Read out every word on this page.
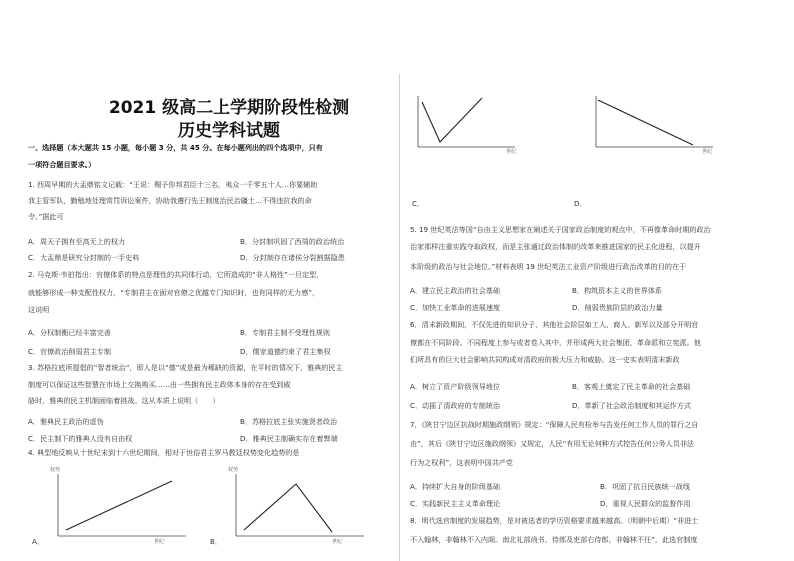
2021 级高二上学期阶段性检测
历史学科试题
一、选择题（本大题共 15 小题，每小题 3 分，共 45 分。在每小题列出的四个选项中，只有
一项符合题目要求。）
1. 西周早期的大盂鼎铭文记载：“王说：赐予你邦君臣十三名，夷众一千零五十人…你要辅助
我主管军队，勤勉地处理赏罚诉讼案件，协助我遵行先王制度治民治疆土…不得违抗我的命
令。”据此可
A．周天子拥有至高无上的权力	B．分封制巩固了西周的政治统治
C．大盂鼎是研究分封制的一手史料	D．分封制存在诸侯分裂割据隐患
2. 马克斯·韦伯指出：官僚体系的特点是理性的共同体行动，它所造成的“非人格性”一旦定型，
就能够形成一种支配性权力，“专制君主在面对官僚之优越专门知识时，也有同样的无力感”，
这说明
A．分权制衡已经丰富完善	B．专制君主制不受理性规则
C．官僚政治削弱君主专制	D．儒家道德约束了君主集权
3. 苏格拉底所提倡的“智者统治”，即人是以“德”或是最为稀缺的资源，在平时的情况下，雅典的民主
制度可以保证这些智慧在市场上交换购买……由一些拥有民主政体本身的存在受到威
胁时，雅典的民主机制面临着挑战。这从本质上说明（　　）
A．雅典民主政治的虚伪	B．苏格拉底主张实施贤者政治
C．民主制下的雅典人没有自由权	D．雅典民主制确实存在着弊端
4. 典型地反映从十世纪末到十六世纪期间，相对于世俗君主罗马教廷权势变化趋势的是
A．
权势
世纪	B．
权势
世纪
世纪	世纪
C．	D．
5. 19 世纪英法等国“自由主义思想家在阐述关于国家政治制度的观点中，不再像革命时期的政治
治家那样注重实践夺取政权，而是主张通过政治体制的改革来推进国家的民主化进程，以提升
本阶级的政治与社会地位。”材料表明 19 世纪英法工业资产阶级进行政治改革的目的在于
A．建立民主政治的社会基础	B．构筑资本主义的世界体系
C．加快工业革命的进展速度	D．削弱贵族阶层的政治力量
6．清末新政期间，不仅先进的知识分子，其他社会阶层如工人、商人、新军以及部分开明官
僚都在不同阶段、不同程度上参与或者卷入其中，并形成两大社会集团，革命派和立宪派。他
们所具有的巨大社会影响共同构成对清政府的极大压力和威胁。这一史实表明清末新政
A．树立了资产阶级领导地位	B．客观上奠定了民主革命的社会基础
C．动摇了清政府的专制统治	D．革新了社会政治制度和其运作方式
7．《陕甘宁边区抗战时期施政纲领》规定：“保障人民有检举与告发任何工作人员的罪行之自
由”，其后《陕甘宁边区施政纲领》又规定，人民“有用无论何种方式控告任何公务人员非法
行为之权利”，这表明中国共产党
A．持续扩大自身的阶级基础	B．巩固了抗日民族统一战线
C．实践新民主主义革命理论	D．重视人民群众的监督作用
8．明代选官制度的发展趋势，是对被选者的学历资格要求越来越高。（明朝中后期）“非进士
不入翰林，非翰林不入内阁。南北礼部尚书、侍郎及吏部右侍郎，非翰林不任”，此选官制度
